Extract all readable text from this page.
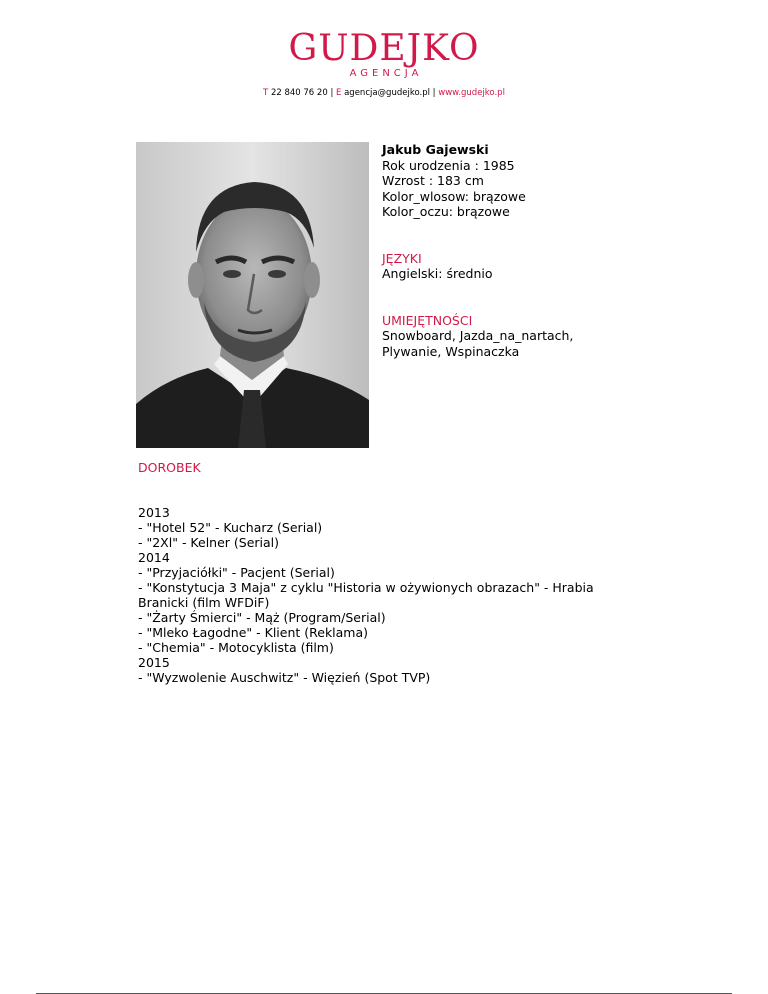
GUDEJKO
AGENCJA
T 22 840 76 20 | E agencja@gudejko.pl | www.gudejko.pl
Jakub Gajewski
Rok urodzenia : 1985
Wzrost : 183 cm
Kolor_wlosow: brązowe
Kolor_oczu: brązowe
JĘZYKI
Angielski: średnio
UMIEJĘTNOŚCI
Snowboard, Jazda_na_nartach,
Plywanie, Wspinaczka
DOROBEK
2013
- "Hotel 52" - Kucharz (Serial)
- "2Xl" - Kelner (Serial)
2014
- "Przyjaciółki" - Pacjent (Serial)
- "Konstytucja 3 Maja" z cyklu "Historia w ożywionych obrazach" - Hrabia
Branicki (film WFDiF)
- "Żarty Śmierci" - Mąż (Program/Serial)
- "Mleko Łagodne" - Klient (Reklama)
- "Chemia" - Motocyklista (film)
2015
- "Wyzwolenie Auschwitz" - Więzień (Spot TVP)
